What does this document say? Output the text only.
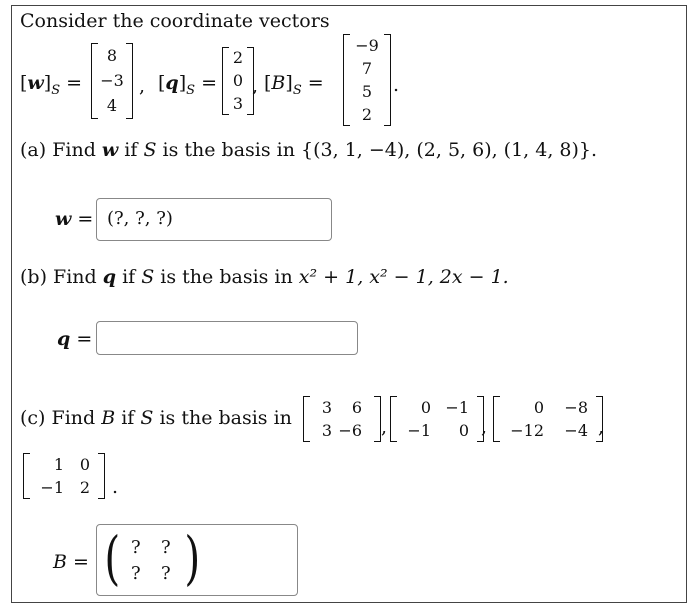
Consider the coordinate vectors
$[w]_S$ =
8
−3
4
, $[q]_S$ =
2
0
3
, $[B]_S$ =
−9
7
5
2
.
(a) Find w if S is the basis in {(3, 1, −4), (2, 5, 6), (1, 4, 8)}.
w = (?, ?, ?)
(b) Find q if S is the basis in x² + 1, x² − 1, 2x − 1.
q =
(c) Find B if S is the basis in	3	6
3 −6 ,
0 −1
−1	0 ,
0	−8
−12	−4 ,
1 0
−1 2 .
B = ( ? ?
? ? )
